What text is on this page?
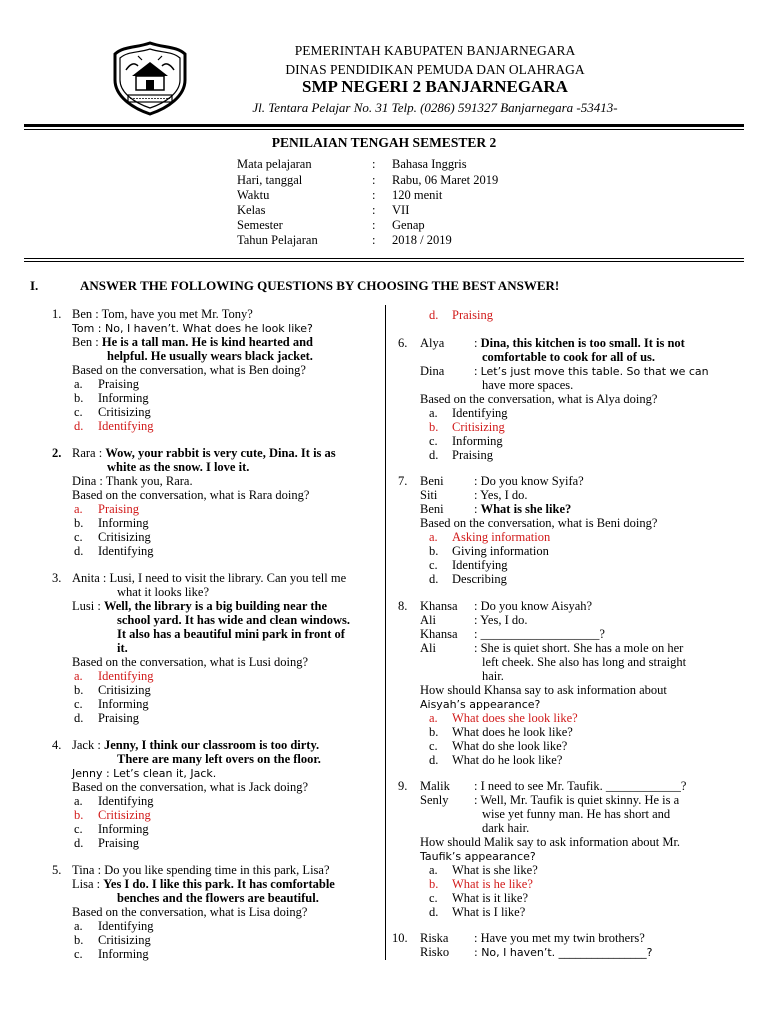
PEMERINTAH KABUPATEN BANJARNEGARA
DINAS PENDIDIKAN PEMUDA DAN OLAHRAGA
SMP NEGERI 2 BANJARNEGARA
Jl. Tentara Pelajar No. 31 Telp. (0286) 591327 Banjarnegara -53413-
PENILAIAN TENGAH SEMESTER 2
Mata pelajaran	: Bahasa Inggris
Hari, tanggal	: Rabu, 06 Maret 2019
Waktu	: 120 menit
Kelas	: VII
Semester	: Genap
Tahun Pelajaran	: 2018 / 2019
I.	ANSWER THE FOLLOWING QUESTIONS BY CHOOSING THE BEST ANSWER!
1. Ben : Tom, have you met Mr. Tony?
Tom : No, I haven’t. What does he look like?
Ben : He is a tall man. He is kind hearted and
helpful. He usually wears black jacket.
Based on the conversation, what is Ben doing?
a. Praising
b. Informing
c. Critisizing
d. Identifying
2. Rara : Wow, your rabbit is very cute, Dina. It is as
white as the snow. I love it.
Dina : Thank you, Rara.
Based on the conversation, what is Rara doing?
a. Praising
b. Informing
c. Critisizing
d. Identifying
3. Anita : Lusi, I need to visit the library. Can you tell me
what it looks like?
Lusi : Well, the library is a big building near the
school yard. It has wide and clean windows.
It also has a beautiful mini park in front of
it.
Based on the conversation, what is Lusi doing?
a. Identifying
b. Critisizing
c. Informing
d. Praising
4. Jack : Jenny, I think our classroom is too dirty.
There are many left overs on the floor.
Jenny : Let’s clean it, Jack.
Based on the conversation, what is Jack doing?
a. Identifying
b. Critisizing
c. Informing
d. Praising
5. Tina : Do you like spending time in this park, Lisa?
Lisa : Yes I do. I like this park. It has comfortable
benches and the flowers are beautiful.
Based on the conversation, what is Lisa doing?
a. Identifying
b. Critisizing
c. Informing
d. Praising
6. Alya : Dina, this kitchen is too small. It is not
comfortable to cook for all of us.
Dina : Let’s just move this table. So that we can
have more spaces.
Based on the conversation, what is Alya doing?
a. Identifying
b. Critisizing
c. Informing
d. Praising
7. Beni : Do you know Syifa?
Siti	: Yes, I do.
Beni : What is she like?
Based on the conversation, what is Beni doing?
a. Asking information
b. Giving information
c. Identifying
d. Describing
8. Khansa : Do you know Aisyah?
Ali	: Yes, I do.
Khansa : ___________________?
Ali	: She is quiet short. She has a mole on her
left cheek. She also has long and straight
hair.
How should Khansa say to ask information about
Aisyah’s appearance?
a. What does she look like?
b. What does he look like?
c. What do she look like?
d. What do he look like?
9. Malik : I need to see Mr. Taufik. ____________?
Senly : Well, Mr. Taufik is quiet skinny. He is a
wise yet funny man. He has short and
dark hair.
How should Malik say to ask information about Mr.
Taufik’s appearance?
a. What is she like?
b. What is he like?
c. What is it like?
d. What is I like?
10. Riska : Have you met my twin brothers?
Risko : No, I haven’t. ________________?
